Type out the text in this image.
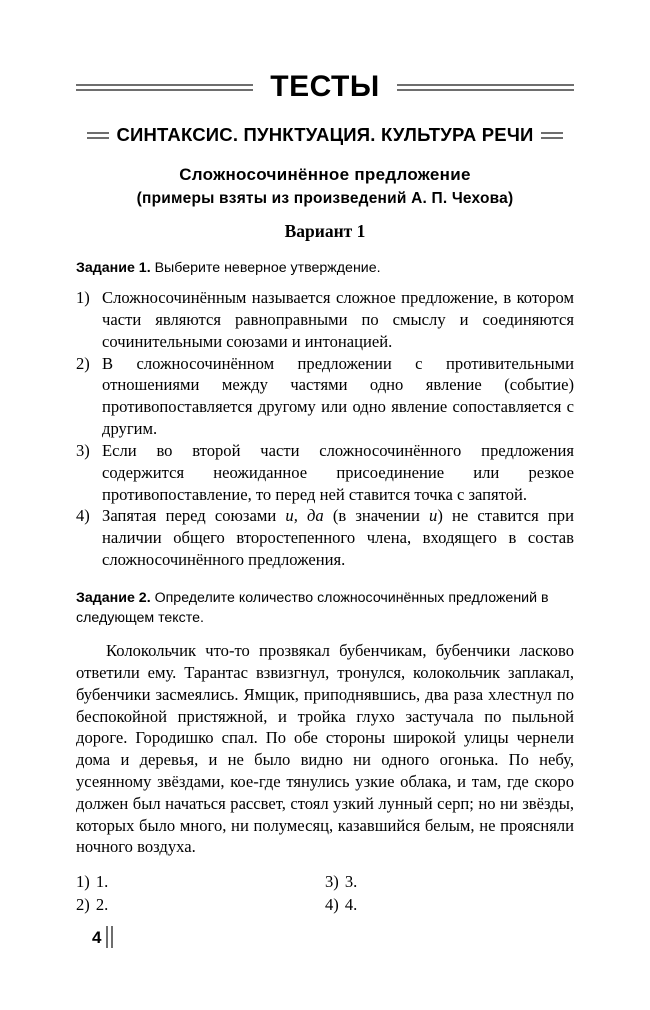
ТЕСТЫ
СИНТАКСИС. ПУНКТУАЦИЯ. КУЛЬТУРА РЕЧИ
Сложносочинённое предложение
(примеры взяты из произведений А. П. Чехова)
Вариант 1
Задание 1. Выберите неверное утверждение.
1) Сложносочинённым называется сложное предложение, в котором части являются равноправными по смыслу и соединяются сочинительными союзами и интонацией.
2) В сложносочинённом предложении с противительными отношениями между частями одно явление (событие) противопоставляется другому или одно явление сопоставляется с другим.
3) Если во второй части сложносочинённого предложения содержится неожиданное присоединение или резкое противопоставление, то перед ней ставится точка с запятой.
4) Запятая перед союзами и, да (в значении и) не ставится при наличии общего второстепенного члена, входящего в состав сложносочинённого предложения.
Задание 2. Определите количество сложносочинённых предложений в следующем тексте.
Колокольчик что-то прозвякал бубенчикам, бубенчики ласково ответили ему. Тарантас взвизгнул, тронулся, колокольчик заплакал, бубенчики засмеялись. Ямщик, приподнявшись, два раза хлестнул по беспокойной пристяжной, и тройка глухо застучала по пыльной дороге. Городишко спал. По обе стороны широкой улицы чернели дома и деревья, и не было видно ни одного огонька. По небу, усеянному звёздами, кое-где тянулись узкие облака, и там, где скоро должен был начаться рассвет, стоял узкий лунный серп; но ни звёзды, которых было много, ни полумесяц, казавшийся белым, не проясняли ночного воздуха.
1) 1.	3) 3.
2) 2.	4) 4.
4
